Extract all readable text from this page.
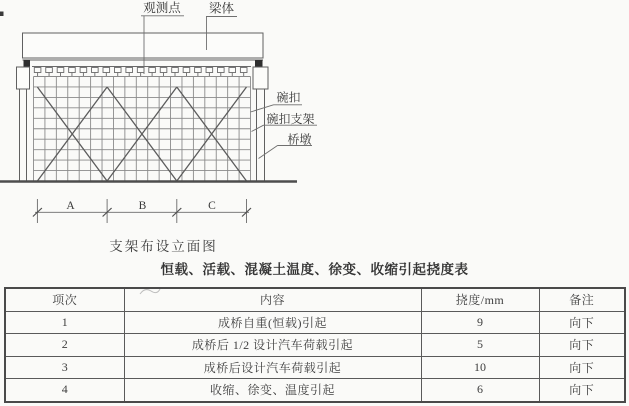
观测点 梁体
碗扣
碗扣支架
桥墩
A	B	C
支架布设立面图
恒载、活载、混凝土温度、徐变、收缩引起挠度表
项次	内容	挠度/mm	备注
1	成桥自重(恒载)引起	9	向下
2	成桥后 1/2 设计汽车荷载引起	5	向下
3	成桥后设计汽车荷载引起	10	向下
4	收缩、徐变、温度引起	6	向下
